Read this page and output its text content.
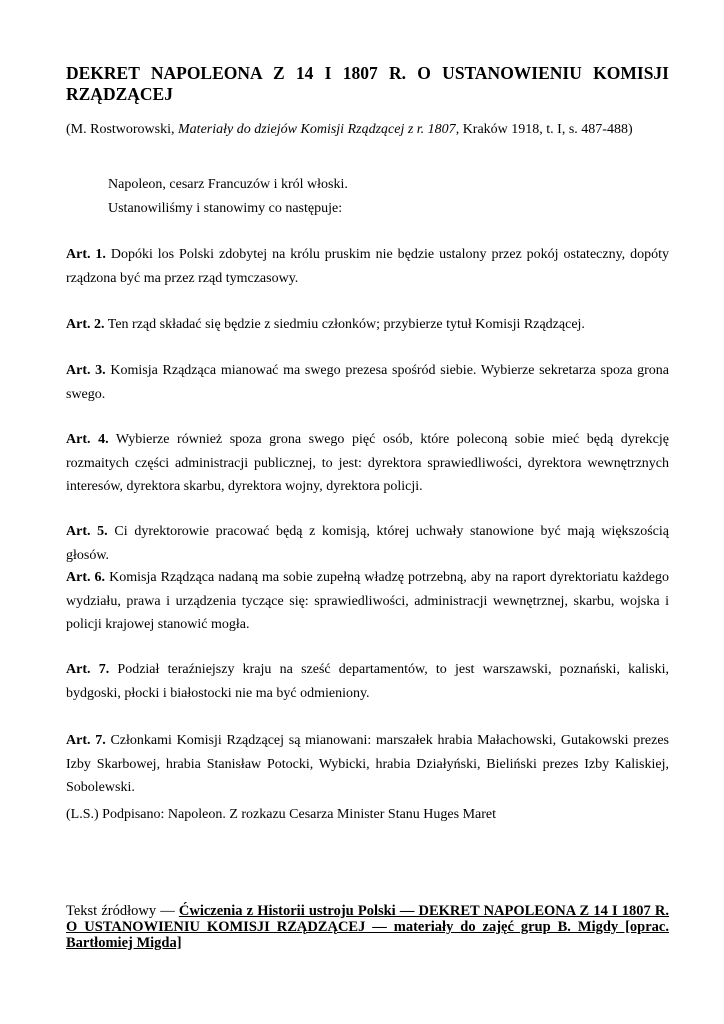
DEKRET NAPOLEONA Z 14 I 1807 R. O USTANOWIENIU KOMISJI RZĄDZĄCEJ

(M. Rostworowski, Materiały do dziejów Komisji Rządzącej z r. 1807, Kraków 1918, t. I, s. 487-488)

Napoleon, cesarz Francuzów i król włoski.

Ustanowiliśmy i stanowimy co następuje:

Art. 1. Dopóki los Polski zdobytej na królu pruskim nie będzie ustalony przez pokój ostateczny, dopóty rządzona być ma przez rząd tymczasowy.

Art. 2. Ten rząd składać się będzie z siedmiu członków; przybierze tytuł Komisji Rządzącej.

Art. 3. Komisja Rządząca mianować ma swego prezesa spośród siebie. Wybierze sekretarza spoza grona swego.

Art. 4. Wybierze również spoza grona swego pięć osób, które poleconą sobie mieć będą dyrekcję rozmaitych części administracji publicznej, to jest: dyrektora sprawiedliwości, dyrektora wewnętrznych interesów, dyrektora skarbu, dyrektora wojny, dyrektora policji.

Art. 5. Ci dyrektorowie pracować będą z komisją, której uchwały stanowione być mają większością głosów.

Art. 6. Komisja Rządząca nadaną ma sobie zupełną władzę potrzebną, aby na raport dyrektoriatu każdego wydziału, prawa i urządzenia tyczące się: sprawiedliwości, administracji wewnętrznej, skarbu, wojska i policji krajowej stanowić mogła.

Art. 7. Podział teraźniejszy kraju na sześć departamentów, to jest warszawski, poznański, kaliski, bydgoski, płocki i białostocki nie ma być odmieniony.

Art. 7. Członkami Komisji Rządzącej są mianowani: marszałek hrabia Małachowski, Gutakowski prezes Izby Skarbowej, hrabia Stanisław Potocki, Wybicki, hrabia Działyński, Bieliński prezes Izby Kaliskiej, Sobolewski.

(L.S.) Podpisano: Napoleon. Z rozkazu Cesarza Minister Stanu Huges Maret

Tekst źródłowy — Ćwiczenia z Historii ustroju Polski — DEKRET NAPOLEONA Z 14 I 1807 R. O USTANOWIENIU KOMISJI RZĄDZĄCEJ — materiały do zajęć grup B. Migdy [oprac. Bartłomiej Migda]
